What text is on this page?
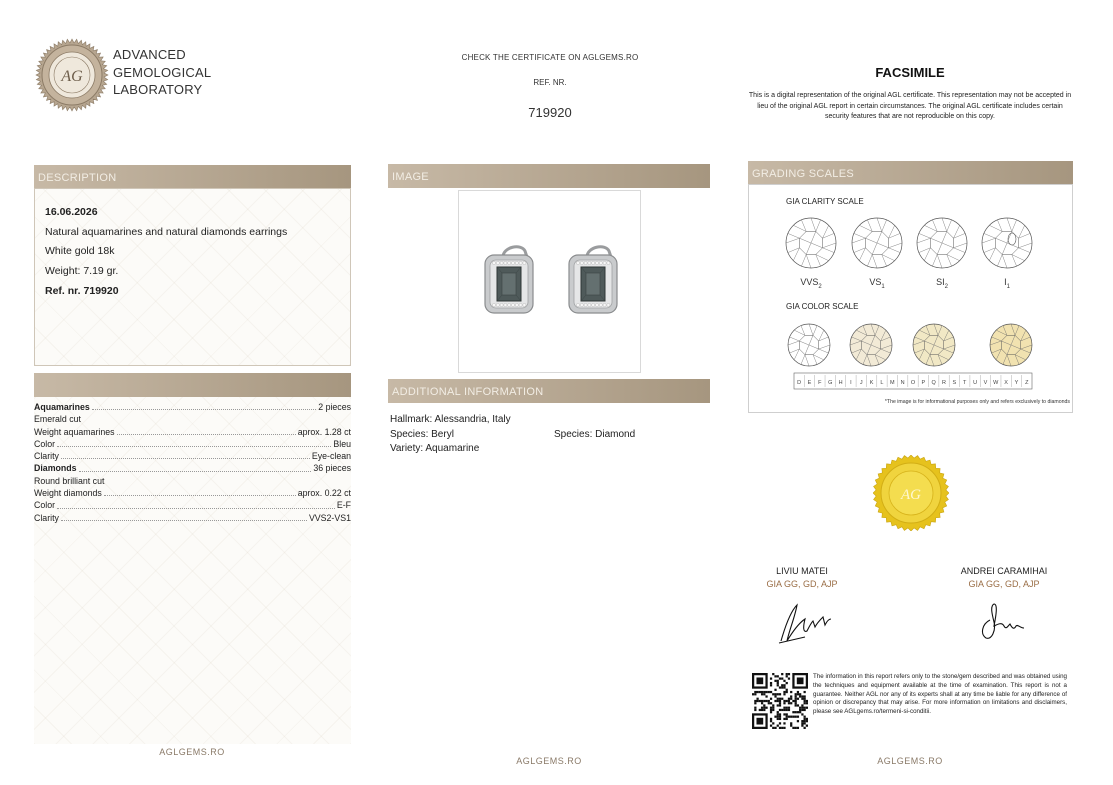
AG
ADVANCED
GEMOLOGICAL
LABORATORY
CHECK THE CERTIFICATE ON AGLGEMS.RO
REF. NR.
719920
FACSIMILE
This is a digital representation of the original AGL certificate. This representation may not be accepted in lieu of the original AGL report in certain circumstances. The original AGL certificate includes certain security features that are not reproducible on this copy.
DESCRIPTION
16.06.2026
Natural aquamarines and natural diamonds earrings
White gold 18k
Weight: 7.19 gr.
Ref. nr. 719920
Aquamarines	2 pieces
Emerald cut
Weight aquamarines	aprox. 1.28 ct
Color	Bleu
Clarity	Eye-clean
Diamonds	36 pieces
Round brilliant cut
Weight diamonds	aprox. 0.22 ct
Color	E-F
Clarity	VVS2-VS1
IMAGE
ADDITIONAL INFORMATION
Hallmark: Alessandria, Italy
Species: Beryl
Variety: Aquamarine
Species: Diamond
GRADING SCALES
GIA CLARITY SCALE
$VVS_2$	$VS_1$	$SI_2$	$I_1$
GIA COLOR SCALE
D E F G H I J K L M N O P Q R S T U V W X Y Z
*The image is for informational purposes only and refers exclusively to diamonds
AG
LIVIU MATEI
GIA GG, GD, AJP
ANDREI CARAMIHAI
GIA GG, GD, AJP
The information in this report refers only to the stone/gem described and was obtained using the techniques and equipment available at the time of examination. This report is not a guarantee. Neither AGL nor any of its experts shall at any time be liable for any difference of opinion or discrepancy that may arise. For more information on limitations and disclaimers, please see AGLgems.ro/termeni-si-conditii.
AGLGEMS.RO
AGLGEMS.RO	AGLGEMS.RO
